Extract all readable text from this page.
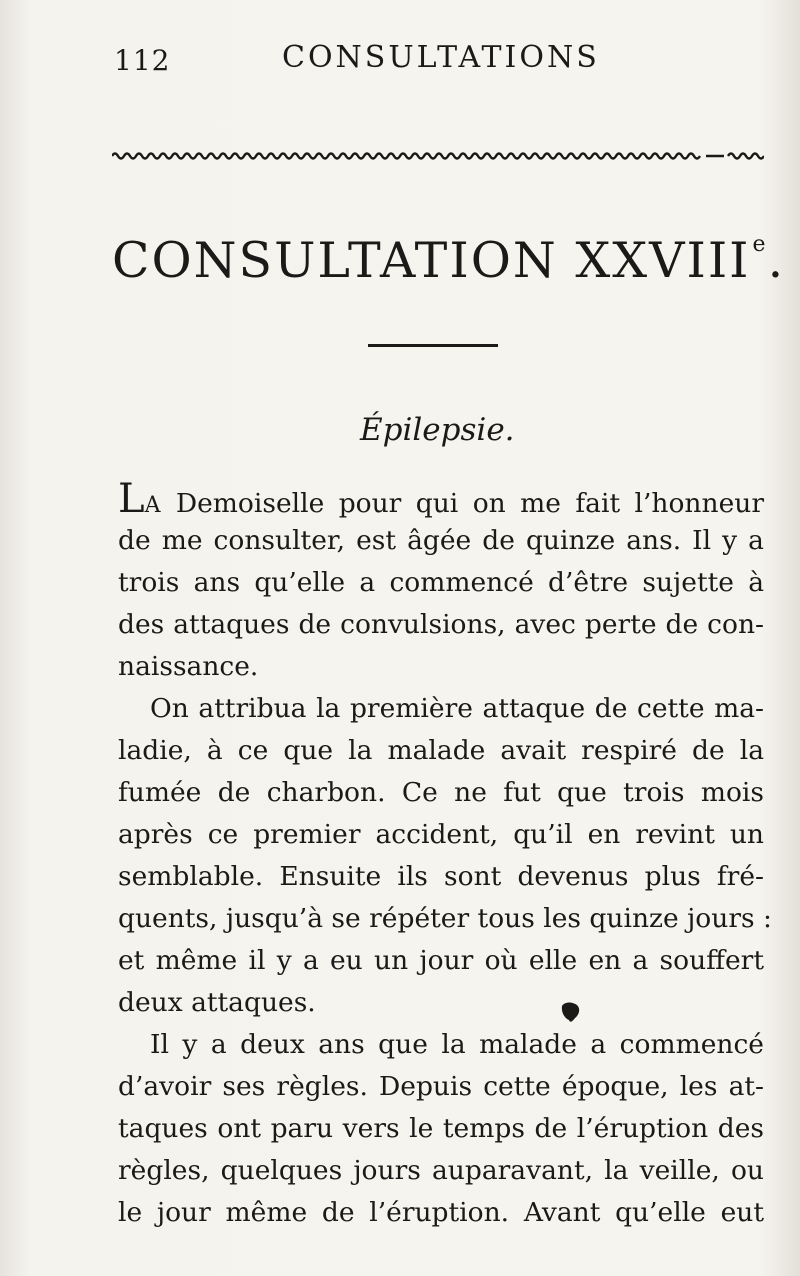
112	CONSULTATIONS
CONSULTATION XXVIIIe.
Épilepsie.
LA Demoiselle pour qui on me fait l’honneur
de me consulter, est âgée de quinze ans. Il y a
trois ans qu’elle a commencé d’être sujette à
des attaques de convulsions, avec perte de con-
naissance.
On attribua la première attaque de cette ma-
ladie, à ce que la malade avait respiré de la
fumée de charbon. Ce ne fut que trois mois
après ce premier accident, qu’il en revint un
semblable. Ensuite ils sont devenus plus fré-
quents, jusqu’à se répéter tous les quinze jours :
et même il y a eu un jour où elle en a souffert
deux attaques.
Il y a deux ans que la malade a commencé
d’avoir ses règles. Depuis cette époque, les at-
taques ont paru vers le temps de l’éruption des
règles, quelques jours auparavant, la veille, ou
le jour même de l’éruption. Avant qu’elle eut
